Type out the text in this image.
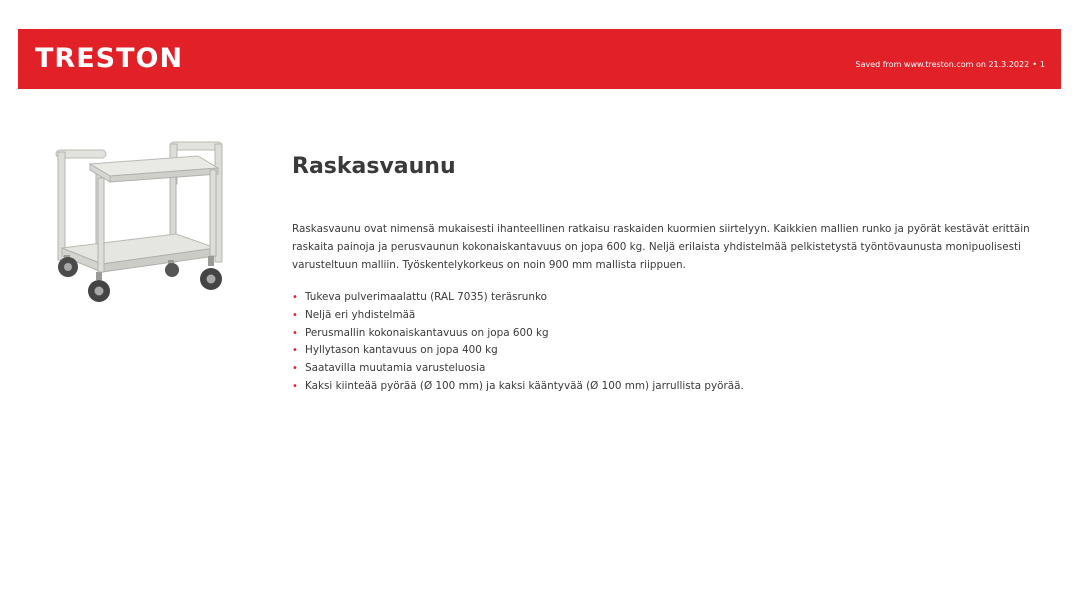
TRESTON	Saved from www.treston.com on 21.3.2022 • 1
Raskasvaunu

Raskasvaunu ovat nimensä mukaisesti ihanteellinen ratkaisu raskaiden kuormien siirtelyyn. Kaikkien mallien runko ja pyörät kestävät erittäin raskaita painoja ja perusvaunun kokonaiskantavuus on jopa 600 kg. Neljä erilaista yhdistelmää pelkistetystä työntövaunusta monipuolisesti varusteltuun malliin. Työskentelykorkeus on noin 900 mm mallista riippuen.

• Tukeva pulverimaalattu (RAL 7035) teräsrunko
• Neljä eri yhdistelmää
• Perusmallin kokonaiskantavuus on jopa 600 kg
• Hyllytason kantavuus on jopa 400 kg
• Saatavilla muutamia varusteluosia
• Kaksi kiinteää pyörää (Ø 100 mm) ja kaksi kääntyvää (Ø 100 mm) jarrullista pyörää.
